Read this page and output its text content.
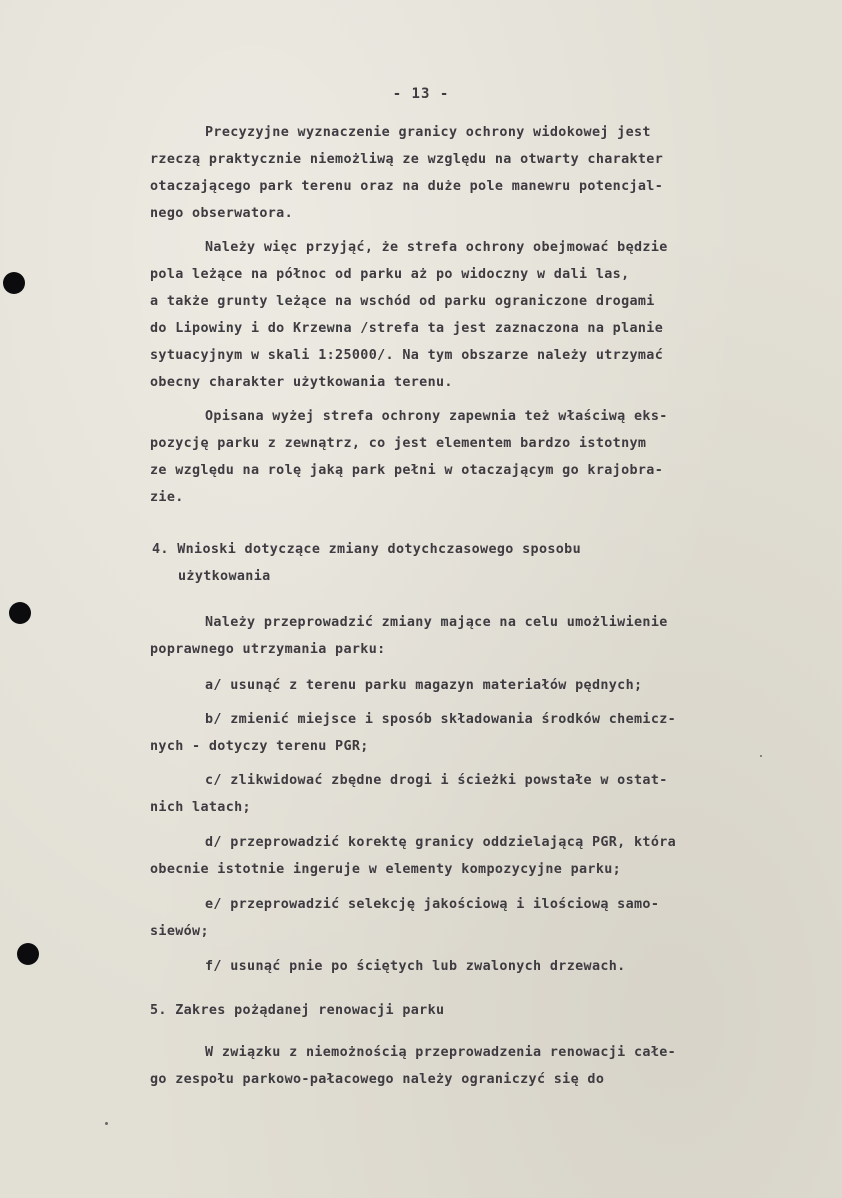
- 13 -
Precyzyjne wyznaczenie granicy ochrony widokowej jest
rzeczą praktycznie niemożliwą ze względu na otwarty charakter
otaczającego park terenu oraz na duże pole manewru potencjal-
nego obserwatora.
Należy więc przyjąć, że strefa ochrony obejmować będzie
pola leżące na północ od parku aż po widoczny w dali las,
a także grunty leżące na wschód od parku ograniczone drogami
do Lipowiny i do Krzewna /strefa ta jest zaznaczona na planie
sytuacyjnym w skali 1:25000/. Na tym obszarze należy utrzymać
obecny charakter użytkowania terenu.
Opisana wyżej strefa ochrony zapewnia też właściwą eks-
pozycję parku z zewnątrz, co jest elementem bardzo istotnym
ze względu na rolę jaką park pełni w otaczającym go krajobra-
zie.
4. Wnioski dotyczące zmiany dotychczasowego sposobu
użytkowania
Należy przeprowadzić zmiany mające na celu umożliwienie
poprawnego utrzymania parku:
a/ usunąć z terenu parku magazyn materiałów pędnych;
b/ zmienić miejsce i sposób składowania środków chemicz-
nych - dotyczy terenu PGR;
c/ zlikwidować zbędne drogi i ścieżki powstałe w ostat-
nich latach;
d/ przeprowadzić korektę granicy oddzielającą PGR, która
obecnie istotnie ingeruje w elementy kompozycyjne parku;
e/ przeprowadzić selekcję jakościową i ilościową samo-
siewów;
f/ usunąć pnie po ściętych lub zwalonych drzewach.
5. Zakres pożądanej renowacji parku
W związku z niemożnością przeprowadzenia renowacji całe-
go zespołu parkowo-pałacowego należy ograniczyć się do
